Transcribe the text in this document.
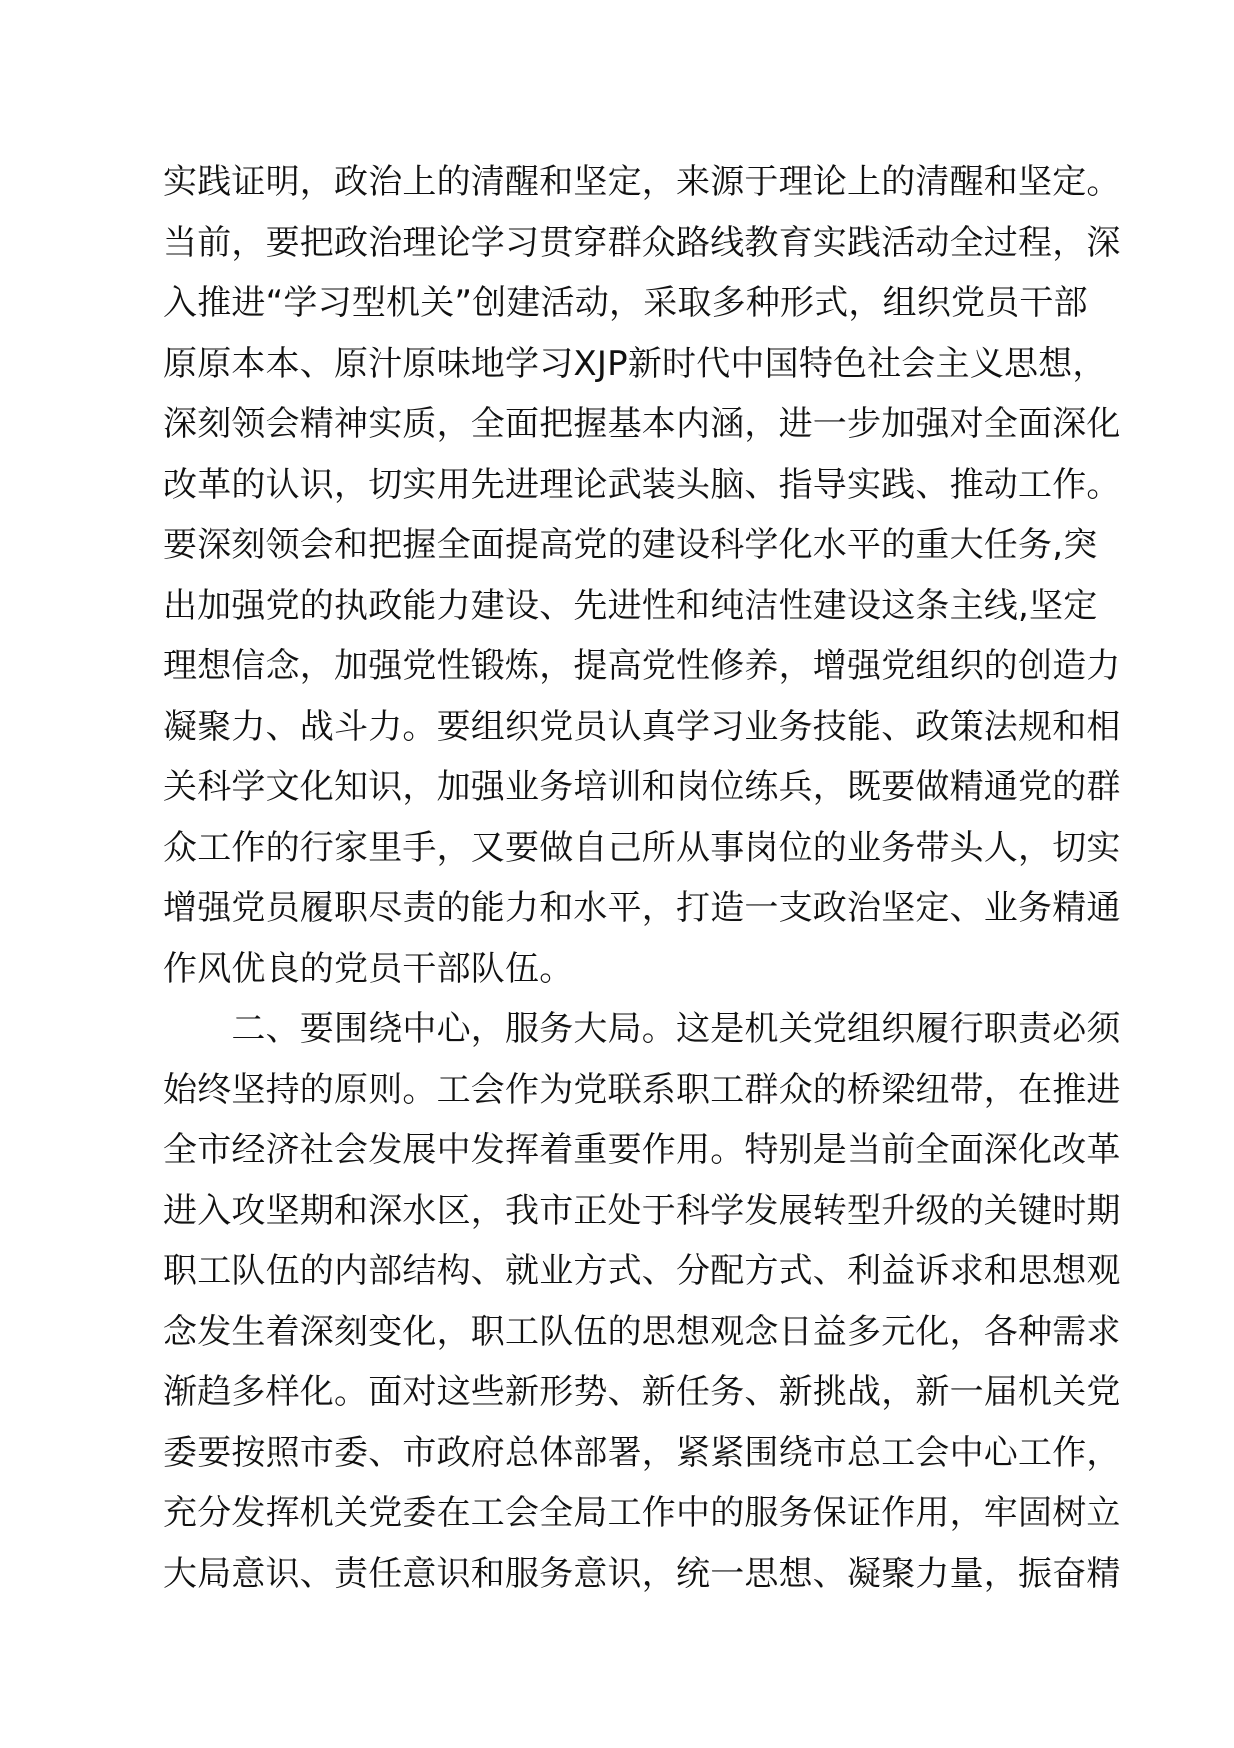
实践证明，政治上的清醒和坚定，来源于理论上的清醒和坚定。
当前，要把政治理论学习贯穿群众路线教育实践活动全过程，深
入推进“学习型机关”创建活动，采取多种形式，组织党员干部
原原本本、原汁原味地学习XJP新时代中国特色社会主义思想，
深刻领会精神实质，全面把握基本内涵，进一步加强对全面深化
改革的认识，切实用先进理论武装头脑、指导实践、推动工作。
要深刻领会和把握全面提高党的建设科学化水平的重大任务,突
出加强党的执政能力建设、先进性和纯洁性建设这条主线,坚定
理想信念，加强党性锻炼，提高党性修养，增强党组织的创造力
凝聚力、战斗力。要组织党员认真学习业务技能、政策法规和相
关科学文化知识，加强业务培训和岗位练兵，既要做精通党的群
众工作的行家里手，又要做自己所从事岗位的业务带头人，切实
增强党员履职尽责的能力和水平，打造一支政治坚定、业务精通
作风优良的党员干部队伍。
　　二、要围绕中心，服务大局。这是机关党组织履行职责必须
始终坚持的原则。工会作为党联系职工群众的桥梁纽带，在推进
全市经济社会发展中发挥着重要作用。特别是当前全面深化改革
进入攻坚期和深水区，我市正处于科学发展转型升级的关键时期
职工队伍的内部结构、就业方式、分配方式、利益诉求和思想观
念发生着深刻变化，职工队伍的思想观念日益多元化，各种需求
渐趋多样化。面对这些新形势、新任务、新挑战，新一届机关党
委要按照市委、市政府总体部署，紧紧围绕市总工会中心工作，
充分发挥机关党委在工会全局工作中的服务保证作用，牢固树立
大局意识、责任意识和服务意识，统一思想、凝聚力量，振奋精
